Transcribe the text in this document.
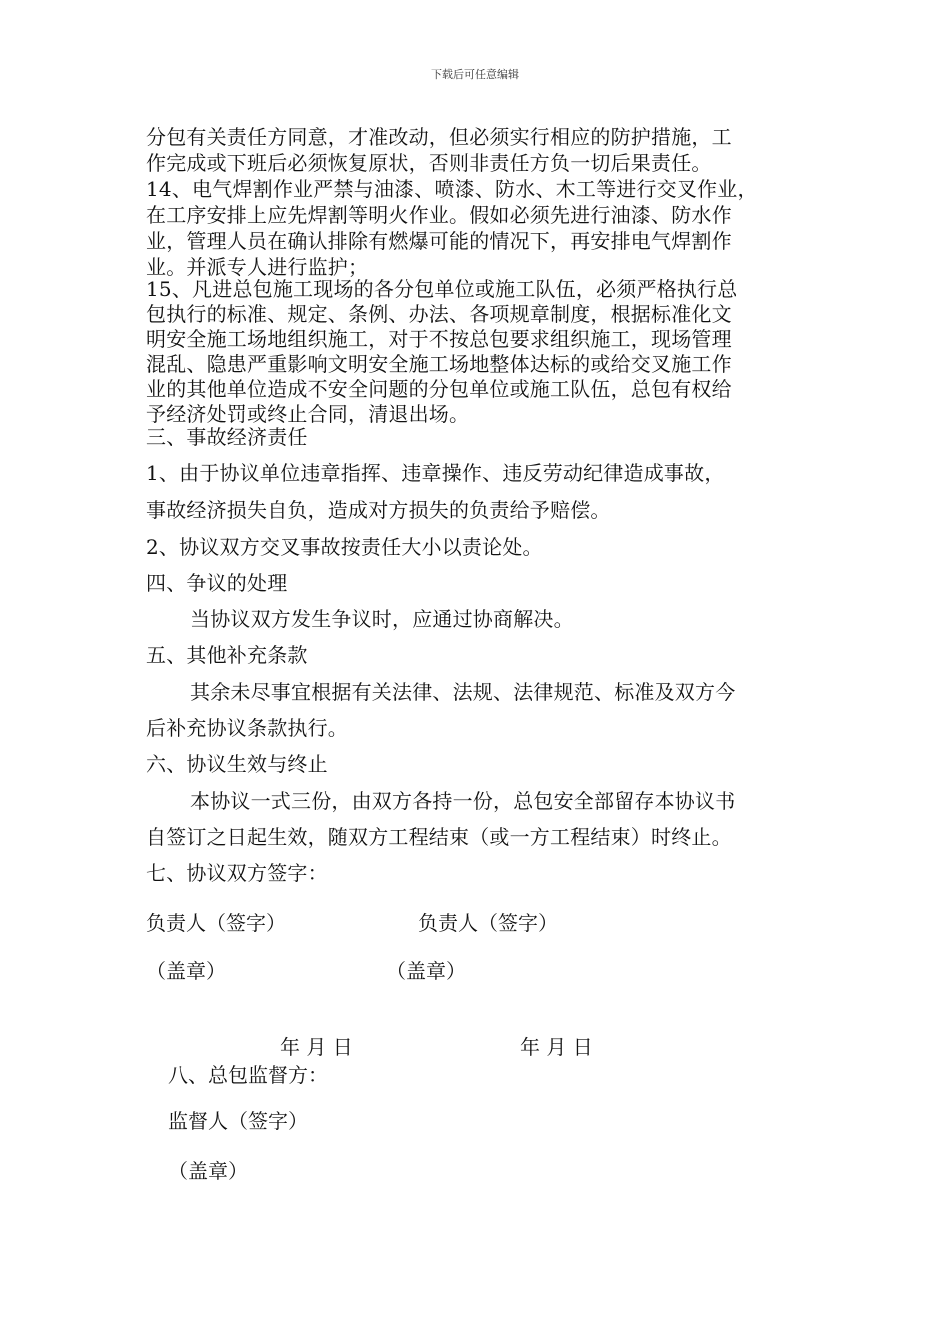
下载后可任意编辑
分包有关责任方同意，才准改动，但必须实行相应的防护措施，工
作完成或下班后必须恢复原状，否则非责任方负一切后果责任。
14、电气焊割作业严禁与油漆、喷漆、防水、木工等进行交叉作业，
在工序安排上应先焊割等明火作业。假如必须先进行油漆、防水作
业，管理人员在确认排除有燃爆可能的情况下，再安排电气焊割作
业。并派专人进行监护；
15、凡进总包施工现场的各分包单位或施工队伍，必须严格执行总
包执行的标准、规定、条例、办法、各项规章制度，根据标准化文
明安全施工场地组织施工，对于不按总包要求组织施工，现场管理
混乱、隐患严重影响文明安全施工场地整体达标的或给交叉施工作
业的其他单位造成不安全问题的分包单位或施工队伍，总包有权给
予经济处罚或终止合同，清退出场。
三、事故经济责任
1、由于协议单位违章指挥、违章操作、违反劳动纪律造成事故，
事故经济损失自负，造成对方损失的负责给予赔偿。
2、协议双方交叉事故按责任大小以责论处。
四、争议的处理
当协议双方发生争议时，应通过协商解决。
五、其他补充条款
其余未尽事宜根据有关法律、法规、法律规范、标准及双方今
后补充协议条款执行。
六、协议生效与终止
本协议一式三份，由双方各持一份，总包安全部留存本协议书
自签订之日起生效，随双方工程结束（或一方工程结束）时终止。
七、协议双方签字：
负责人（签字）	负责人（签字）
（盖章）	（盖章）
年 月 日	年 月 日
八、总包监督方：
监督人（签字）
（盖章）
